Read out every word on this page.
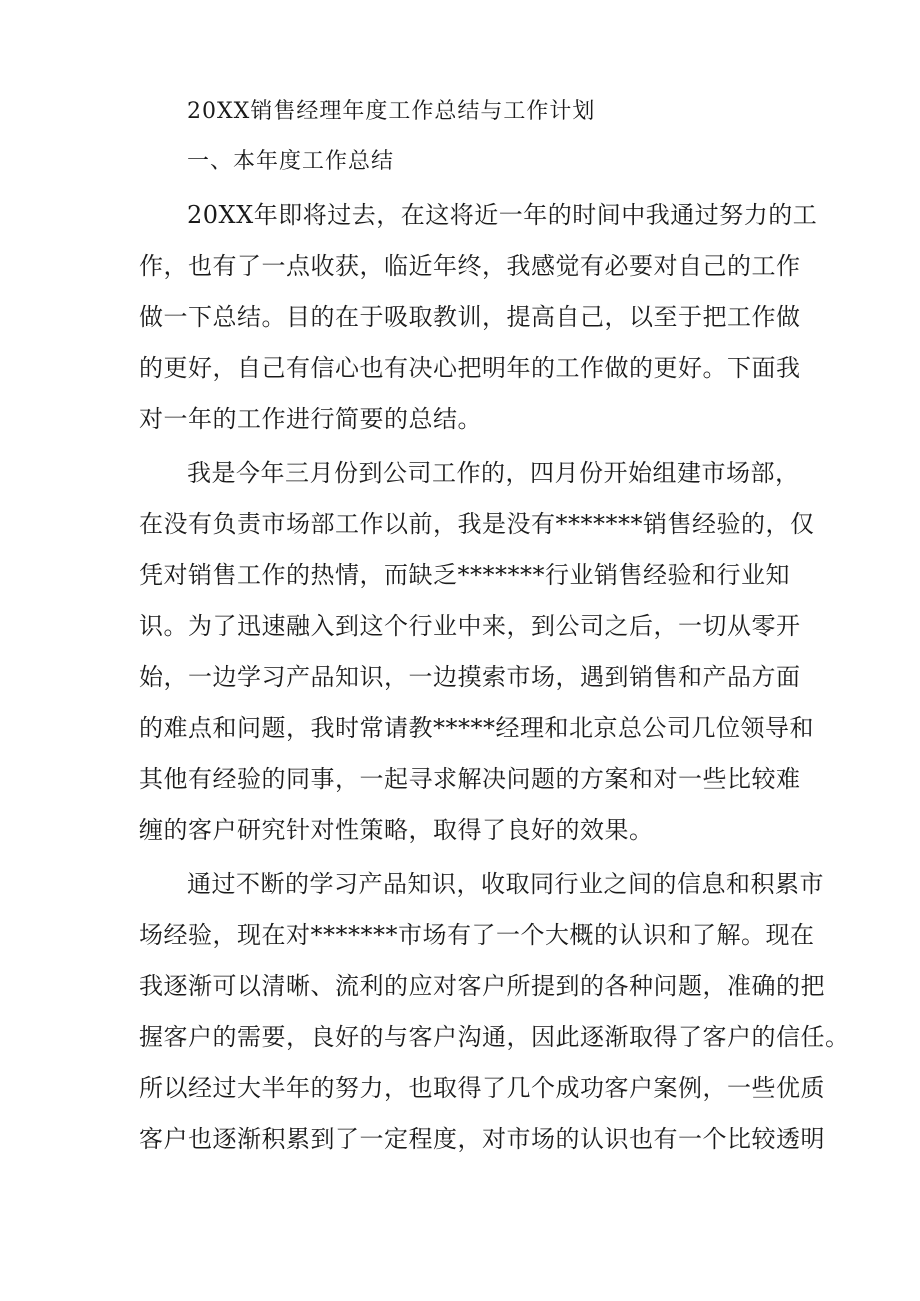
20XX销售经理年度工作总结与工作计划
一、本年度工作总结
20XX年即将过去，在这将近一年的时间中我通过努力的工
作，也有了一点收获，临近年终，我感觉有必要对自己的工作
做一下总结。目的在于吸取教训，提高自己，以至于把工作做
的更好，自己有信心也有决心把明年的工作做的更好。下面我
对一年的工作进行简要的总结。
我是今年三月份到公司工作的，四月份开始组建市场部，
在没有负责市场部工作以前，我是没有*******销售经验的，仅
凭对销售工作的热情，而缺乏*******行业销售经验和行业知
识。为了迅速融入到这个行业中来，到公司之后，一切从零开
始，一边学习产品知识，一边摸索市场，遇到销售和产品方面
的难点和问题，我时常请教*****经理和北京总公司几位领导和
其他有经验的同事，一起寻求解决问题的方案和对一些比较难
缠的客户研究针对性策略，取得了良好的效果。
通过不断的学习产品知识，收取同行业之间的信息和积累市
场经验，现在对*******市场有了一个大概的认识和了解。现在
我逐渐可以清晰、流利的应对客户所提到的各种问题，准确的把
握客户的需要，良好的与客户沟通，因此逐渐取得了客户的信任。
所以经过大半年的努力，也取得了几个成功客户案例，一些优质
客户也逐渐积累到了一定程度，对市场的认识也有一个比较透明
